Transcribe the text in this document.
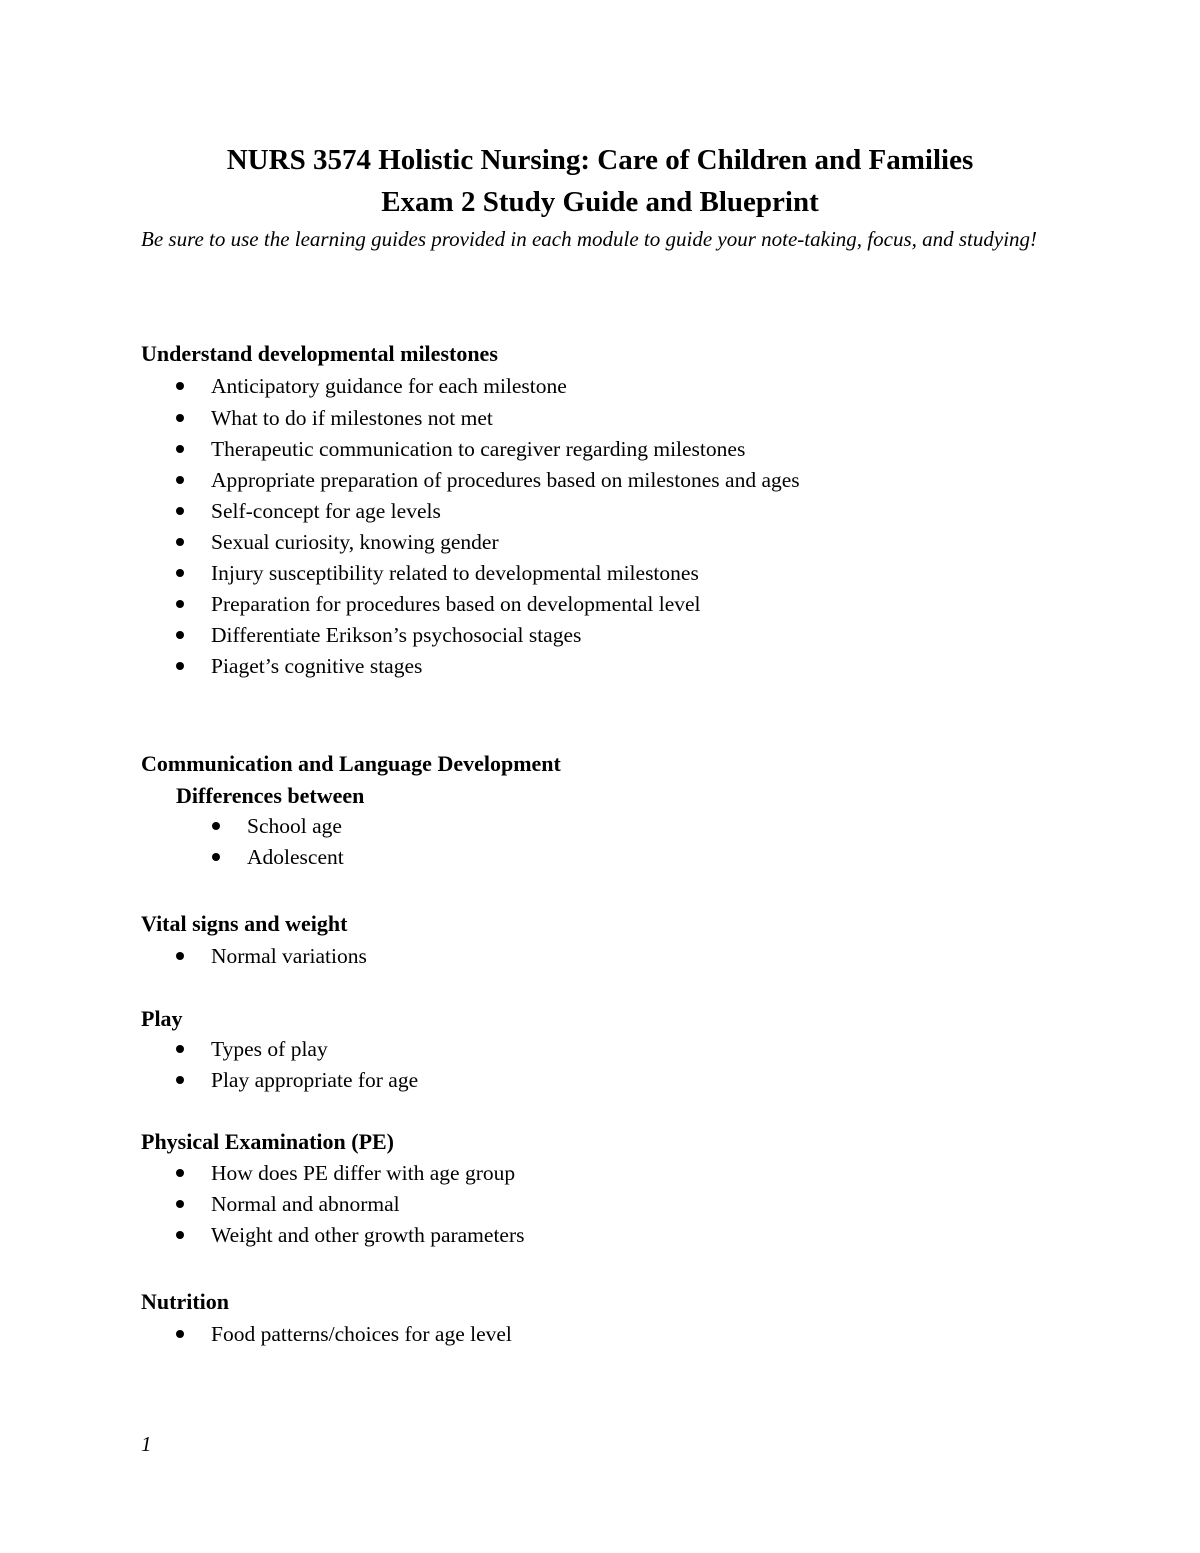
NURS 3574 Holistic Nursing: Care of Children and Families
Exam 2 Study Guide and Blueprint

Be sure to use the learning guides provided in each module to guide your note-taking, focus, and studying!

Understand developmental milestones

Anticipatory guidance for each milestone

What to do if milestones not met

Therapeutic communication to caregiver regarding milestones

Appropriate preparation of procedures based on milestones and ages

Self-concept for age levels

Sexual curiosity, knowing gender

Injury susceptibility related to developmental milestones

Preparation for procedures based on developmental level

Differentiate Erikson’s psychosocial stages

Piaget’s cognitive stages

Communication and Language Development
Differences between

School age

Adolescent

Vital signs and weight

Normal variations

Play

Types of play

Play appropriate for age

Physical Examination (PE)

How does PE differ with age group

Normal and abnormal

Weight and other growth parameters

Nutrition

Food patterns/choices for age level

1
